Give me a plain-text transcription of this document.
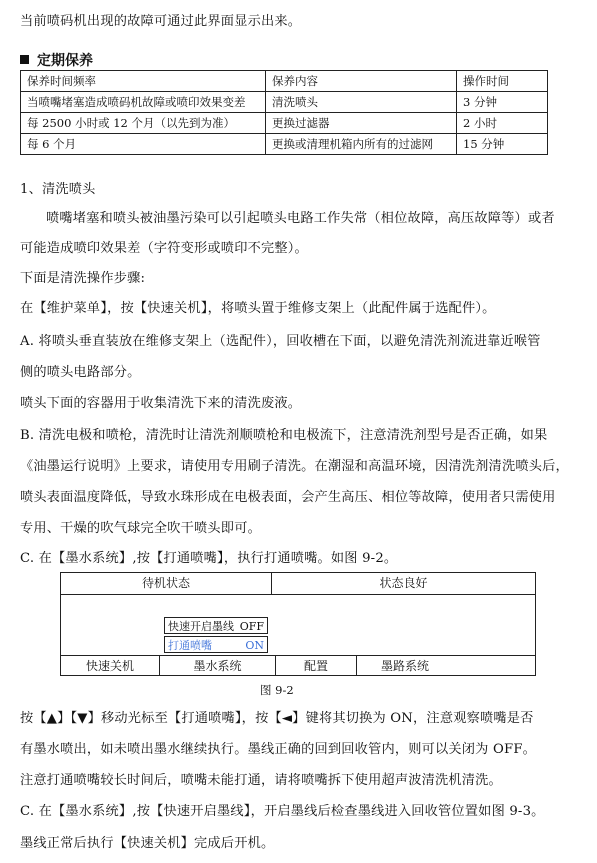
当前喷码机出现的故障可通过此界面显示出来。
定期保养
保养时间频率	保养内容	操作时间
当喷嘴堵塞造成喷码机故障或喷印效果变差	清洗喷头	3 分钟
每 2500 小时或 12 个月（以先到为准）	更换过滤器	2 小时
每 6 个月	更换或清理机箱内所有的过滤网	15 分钟
1、清洗喷头
喷嘴堵塞和喷头被油墨污染可以引起喷头电路工作失常（相位故障，高压故障等）或者
可能造成喷印效果差（字符变形或喷印不完整）。
下面是清洗操作步骤:
在【维护菜单】，按【快速关机】，将喷头置于维修支架上（此配件属于选配件）。
A. 将喷头垂直装放在维修支架上（选配件），回收槽在下面，以避免清洗剂流进靠近喉管
侧的喷头电路部分。
喷头下面的容器用于收集清洗下来的清洗废液。
B. 清洗电极和喷枪，清洗时让清洗剂顺喷枪和电极流下，注意清洗剂型号是否正确，如果
《油墨运行说明》上要求，请使用专用刷子清洗。在潮湿和高温环境，因清洗剂清洗喷头后，
喷头表面温度降低，导致水珠形成在电极表面，会产生高压、相位等故障，使用者只需使用
专用、干燥的吹气球完全吹干喷头即可。
C. 在【墨水系统】,按【打通喷嘴】，执行打通喷嘴。如图 9-2。
待机状态	状态良好
快速开启墨线 OFF
打通喷嘴	ON
快速关机	墨水系统	配置	墨路系统
图 9-2
按【▲】【▼】移动光标至【打通喷嘴】，按【◄】键将其切换为 ON，注意观察喷嘴是否
有墨水喷出，如未喷出墨水继续执行。墨线正确的回到回收管内，则可以关闭为 OFF。
注意打通喷嘴较长时间后，喷嘴未能打通，请将喷嘴拆下使用超声波清洗机清洗。
C. 在【墨水系统】,按【快速开启墨线】，开启墨线后检查墨线进入回收管位置如图 9-3。
墨线正常后执行【快速关机】完成后开机。
